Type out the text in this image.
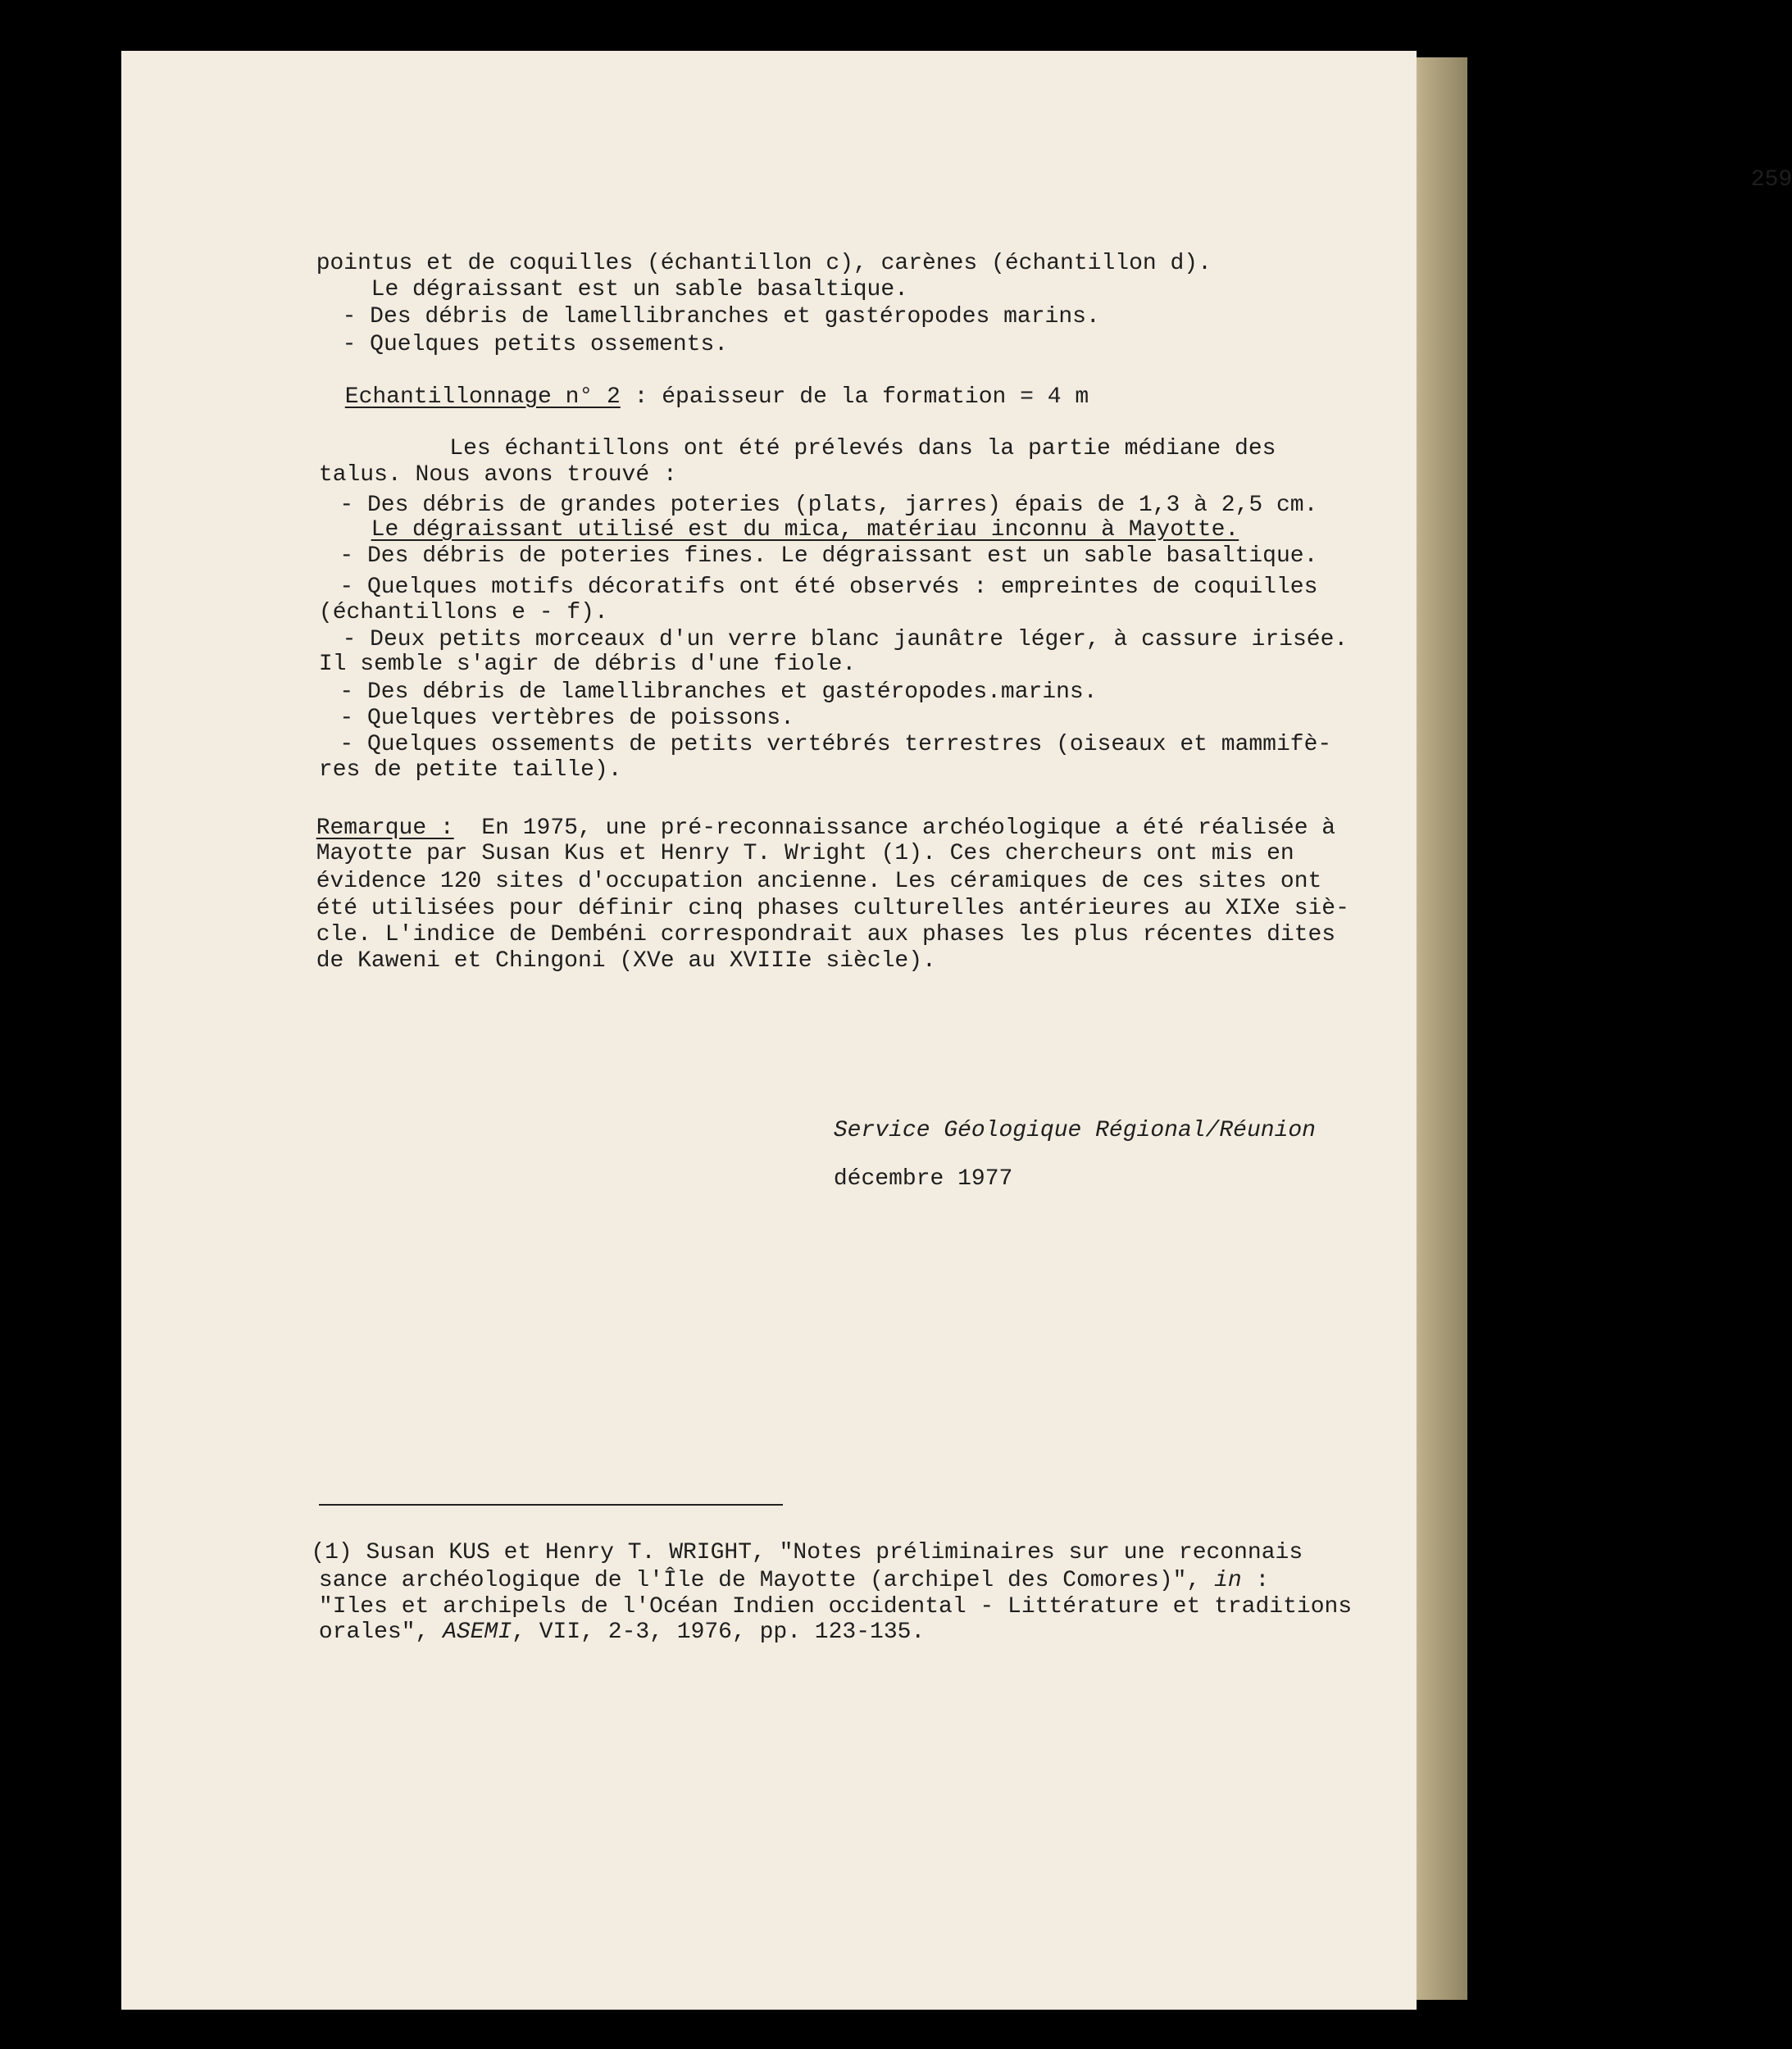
259
pointus et de coquilles (échantillon c), carènes (échantillon d).
Le dégraissant est un sable basaltique.
- Des débris de lamellibranches et gastéropodes marins.
- Quelques petits ossements.
Echantillonnage n° 2 : épaisseur de la formation = 4 m
Les échantillons ont été prélevés dans la partie médiane des
talus. Nous avons trouvé :
- Des débris de grandes poteries (plats, jarres) épais de 1,3 à 2,5 cm.
Le dégraissant utilisé est du mica, matériau inconnu à Mayotte.
- Des débris de poteries fines. Le dégraissant est un sable basaltique.
- Quelques motifs décoratifs ont été observés : empreintes de coquilles
(échantillons e - f).
- Deux petits morceaux d'un verre blanc jaunâtre léger, à cassure irisée.
Il semble s'agir de débris d'une fiole.
- Des débris de lamellibranches et gastéropodes.marins.
- Quelques vertèbres de poissons.
- Quelques ossements de petits vertébrés terrestres (oiseaux et mammifè-
res de petite taille).
Remarque : En 1975, une pré-reconnaissance archéologique a été réalisée à
Mayotte par Susan Kus et Henry T. Wright (1). Ces chercheurs ont mis en
évidence 120 sites d'occupation ancienne. Les céramiques de ces sites ont
été utilisées pour définir cinq phases culturelles antérieures au XIXe siè-
cle. L'indice de Dembéni correspondrait aux phases les plus récentes dites
de Kaweni et Chingoni (XVe au XVIIIe siècle).
Service Géologique Régional/Réunion
décembre 1977
(1) Susan KUS et Henry T. WRIGHT, "Notes préliminaires sur une reconnais
sance archéologique de l'Île de Mayotte (archipel des Comores)", in :
"Iles et archipels de l'Océan Indien occidental - Littérature et traditions
orales", ASEMI, VII, 2-3, 1976, pp. 123-135.
